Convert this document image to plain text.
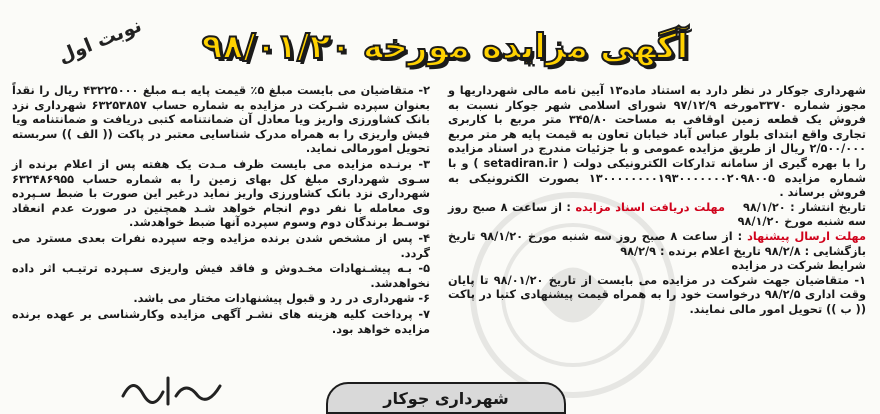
آگهی مزایده مورخه ۹۸/۰۱/۲۰
نوبت اول

شهرداری جوکار در نظر دارد به استناد ماده۱۳ آیین نامه مالی شهرداریها و مجوز شماره ۳۳۷۰مورخه ۹۷/۱۲/۹ شورای اسلامی شهر جوکار نسبت به فروش یک قطعه زمین اوقافی به مساحت ۳۴۵/۸۰ متر مربع با کاربری تجاری واقع ابتدای بلوار عباس آباد خیابان تعاون به قیمت پایه هر متر مربع ۲/۵۰۰/۰۰۰ ریال از طریق مزایده عمومی و با جزئیات مندرج در اسناد مزایده را با بهره گیری از سامانه تدارکات الکترونیکی دولت ( setadiran.ir ) و با شماره مزایده ۱۳۰۰۰۰۰۰۰۰۱۹۳۰۰۰۰۰۰۰۲۰۹۸۰۰۵ بصورت الکترونیکی به فروش برساند .

تاریخ انتشار : ۹۸/۱/۲۰    مهلت دریافت اسناد مزایده : از ساعت ۸ صبح روز سه شنبه مورخ ۹۸/۱/۲۰

مهلت ارسال پیشنهاد : از ساعت ۸ صبح روز سه شنبه مورخ ۹۸/۱/۲۰ تاریخ بازگشایی : ۹۸/۲/۸ تاریخ اعلام برنده : ۹۸/۲/۹

شرایط شرکت در مزایده

۱- متقاضیان جهت شرکت در مزایده می بایست از تاریخ ۹۸/۰۱/۲۰ تا پایان وقت اداری ۹۸/۲/۵ درخواست خود را به همراه قیمت پیشنهادی کتبا در پاکت (( ب )) تحویل امور مالی نمایند.

۲- متقاضیان می بایست مبلغ ۵٪ قیمت پایه بـه مبلغ ۴۳۲۲۵۰۰۰ ریال را نقداً بعنوان سپرده شـرکت در مزایده به شماره حساب ۶۳۲۵۳۸۵۷ شهرداری نزد بانک کشاورزی واریز ویا معادل آن ضمانتنامه کتبی دریافت و ضمانتنامه ویا فیش واریزی را به همراه مدرک شناسایی معتبر در پاکت (( الف )) سربسته تحویل امورمالی نماید.

۳- برنـده مزایده می بایست ظرف مـدت یک هفته پس از اعلام برنده از سـوی شهرداری مبلغ کل بهای زمین را به شماره حساب ۶۳۲۴۸۶۹۵۵ شهرداری نزد بانک کشاورزی واریز نماید درغیر این صورت با ضبط سـپرده وی معامله با نفر دوم انجام خواهد شـد همچنین در صورت عدم انعقاد توسـط برندگان دوم وسوم سپرده آنها ضبط خواهدشد.

۴- پس از مشخص شدن برنده مزایده وجه سپرده نفرات بعدی مسترد می گردد.

۵- بـه پیشـنهادات مخـدوش و فاقد فیش واریزی سـپرده ترتیـب اثر داده نخواهدشد.

۶- شهرداری در رد و قبول پیشنهادات مختار می باشد.

۷- پرداخت کلیه هزینه های نشـر آگهی مزایده وکارشناسی بر عهده برنده مزایده خواهد بود.

شهرداری جوکار
